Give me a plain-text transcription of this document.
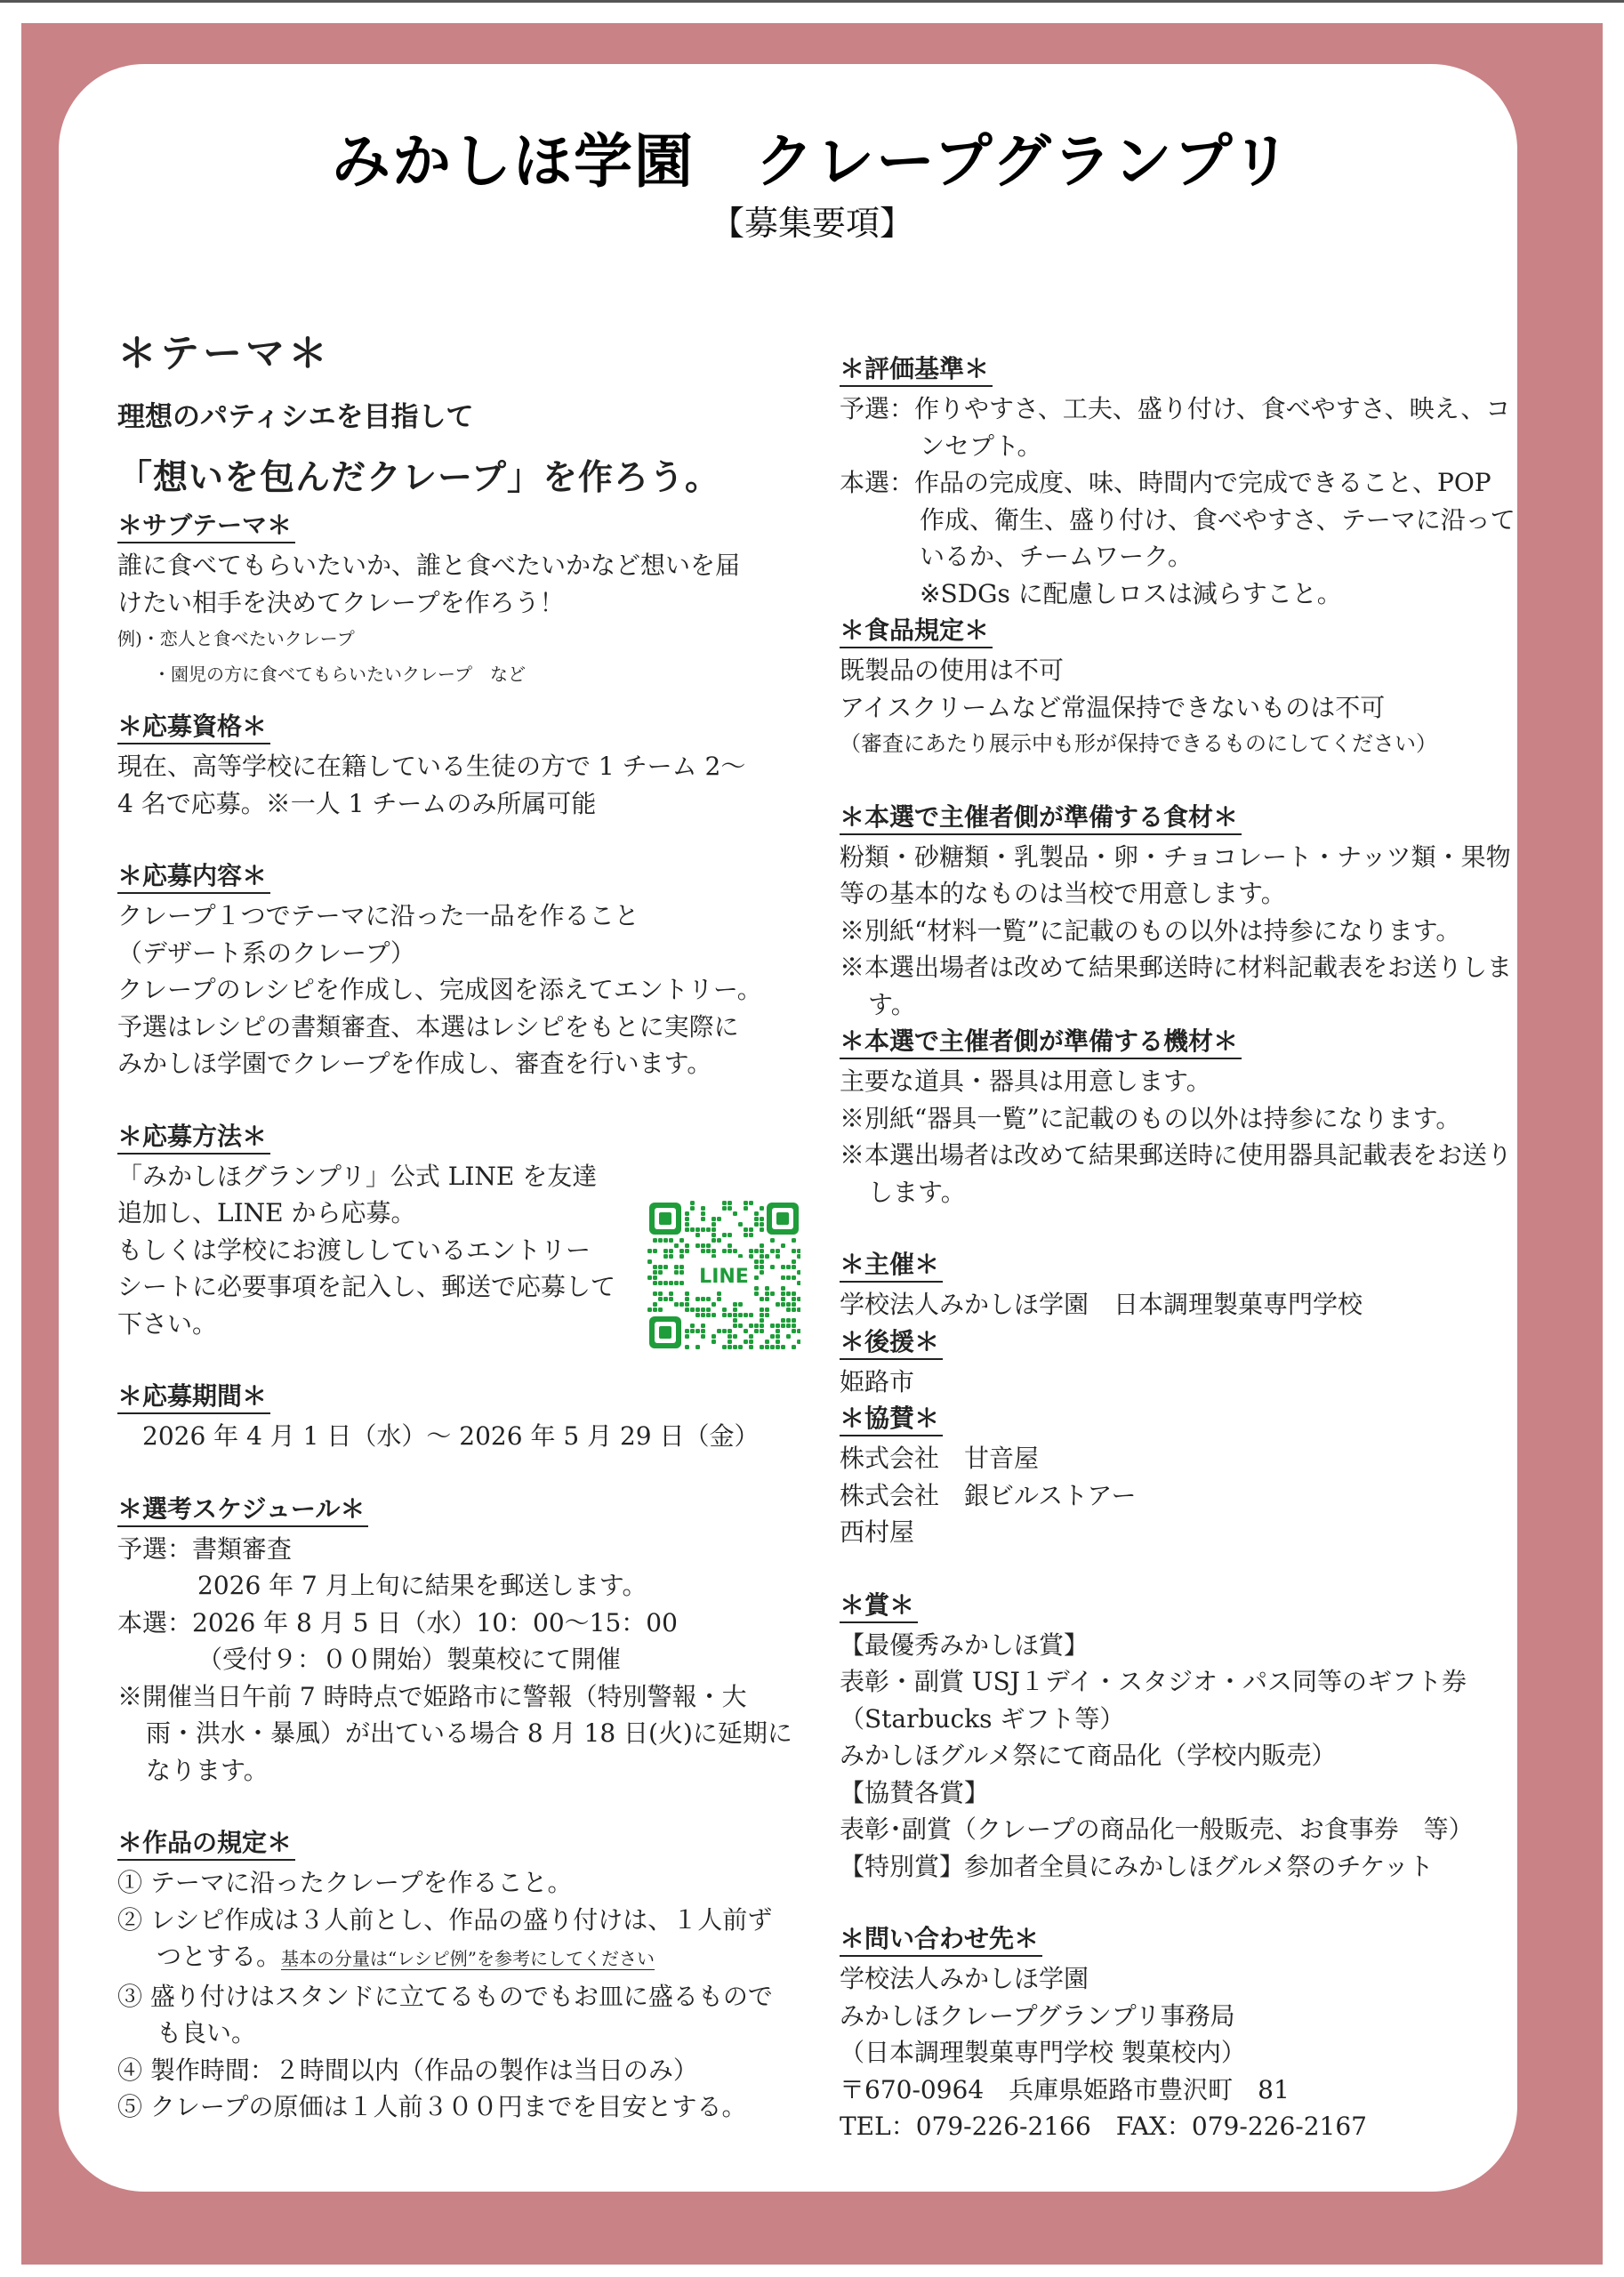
みかしほ学園　クレープグランプリ
【募集要項】
＊テーマ＊
理想のパティシエを目指して
「想いを包んだクレープ」を作ろう。
＊サブテーマ＊

誰に食べてもらいたいか、誰と食べたいかなど想いを届

けたい相手を決めてクレープを作ろう！

例)・恋人と食べたいクレープ

・園児の方に食べてもらいたいクレープ　など

＊応募資格＊

現在、高等学校に在籍している生徒の方で 1 チーム 2～

4 名で応募。※一人 1 チームのみ所属可能

＊応募内容＊

クレープ１つでテーマに沿った一品を作ること

（デザート系のクレープ）

クレープのレシピを作成し、完成図を添えてエントリー。

予選はレシピの書類審査、本選はレシピをもとに実際に

みかしほ学園でクレープを作成し、審査を行います。

＊応募方法＊

「みかしほグランプリ」公式 LINE を友達

追加し、LINE から応募。

もしくは学校にお渡ししているエントリー

シートに必要事項を記入し、郵送で応募して

下さい。

＊応募期間＊

2026 年 4 月 1 日（水）～ 2026 年 5 月 29 日（金）

＊選考スケジュール＊

予選：書類審査

2026 年 7 月上旬に結果を郵送します。

本選：2026 年 8 月 5 日（水）10：00～15：00

（受付９：００開始）製菓校にて開催

※開催当日午前 7 時時点で姫路市に警報（特別警報・大雨・洪水・暴風）が出ている場合 8 月 18 日(火)に延期になります。

＊作品の規定＊

① テーマに沿ったクレープを作ること。

② レシピ作成は３人前とし、作品の盛り付けは、１人前ずつとする。基本の分量は“レシピ例”を参考にしてください

③ 盛り付けはスタンドに立てるものでもお皿に盛るものでも良い。

④ 製作時間：２時間以内（作品の製作は当日のみ）

⑤ クレープの原価は１人前３００円までを目安とする。

LINE
＊評価基準＊

予選：作りやすさ、工夫、盛り付け、食べやすさ、映え、コンセプト。

本選：作品の完成度、味、時間内で完成できること、POP作成、衛生、盛り付け、食べやすさ、テーマに沿っているか、チームワーク。

※SDGs に配慮しロスは減らすこと。

＊食品規定＊

既製品の使用は不可

アイスクリームなど常温保持できないものは不可

（審査にあたり展示中も形が保持できるものにしてください）

＊本選で主催者側が準備する食材＊

粉類・砂糖類・乳製品・卵・チョコレート・ナッツ類・果物等の基本的なものは当校で用意します。

※別紙“材料一覧”に記載のもの以外は持参になります。

※本選出場者は改めて結果郵送時に材料記載表をお送りします。

＊本選で主催者側が準備する機材＊

主要な道具・器具は用意します。

※別紙“器具一覧”に記載のもの以外は持参になります。

※本選出場者は改めて結果郵送時に使用器具記載表をお送りします。

＊主催＊

学校法人みかしほ学園　日本調理製菓専門学校

＊後援＊

姫路市

＊協賛＊

株式会社　甘音屋

株式会社　銀ビルストアー

西村屋

＊賞＊

【最優秀みかしほ賞】

表彰・副賞 USJ１デイ・スタジオ・パス同等のギフト券

（Starbucks ギフト等）

みかしほグルメ祭にて商品化（学校内販売）

【協賛各賞】

表彰･副賞（クレープの商品化一般販売、お食事券　等）

【特別賞】参加者全員にみかしほグルメ祭のチケット

＊問い合わせ先＊

学校法人みかしほ学園

みかしほクレープグランプリ事務局

（日本調理製菓専門学校 製菓校内）

〒670-0964　兵庫県姫路市豊沢町　81

TEL：079-226-2166　FAX：079-226-2167
